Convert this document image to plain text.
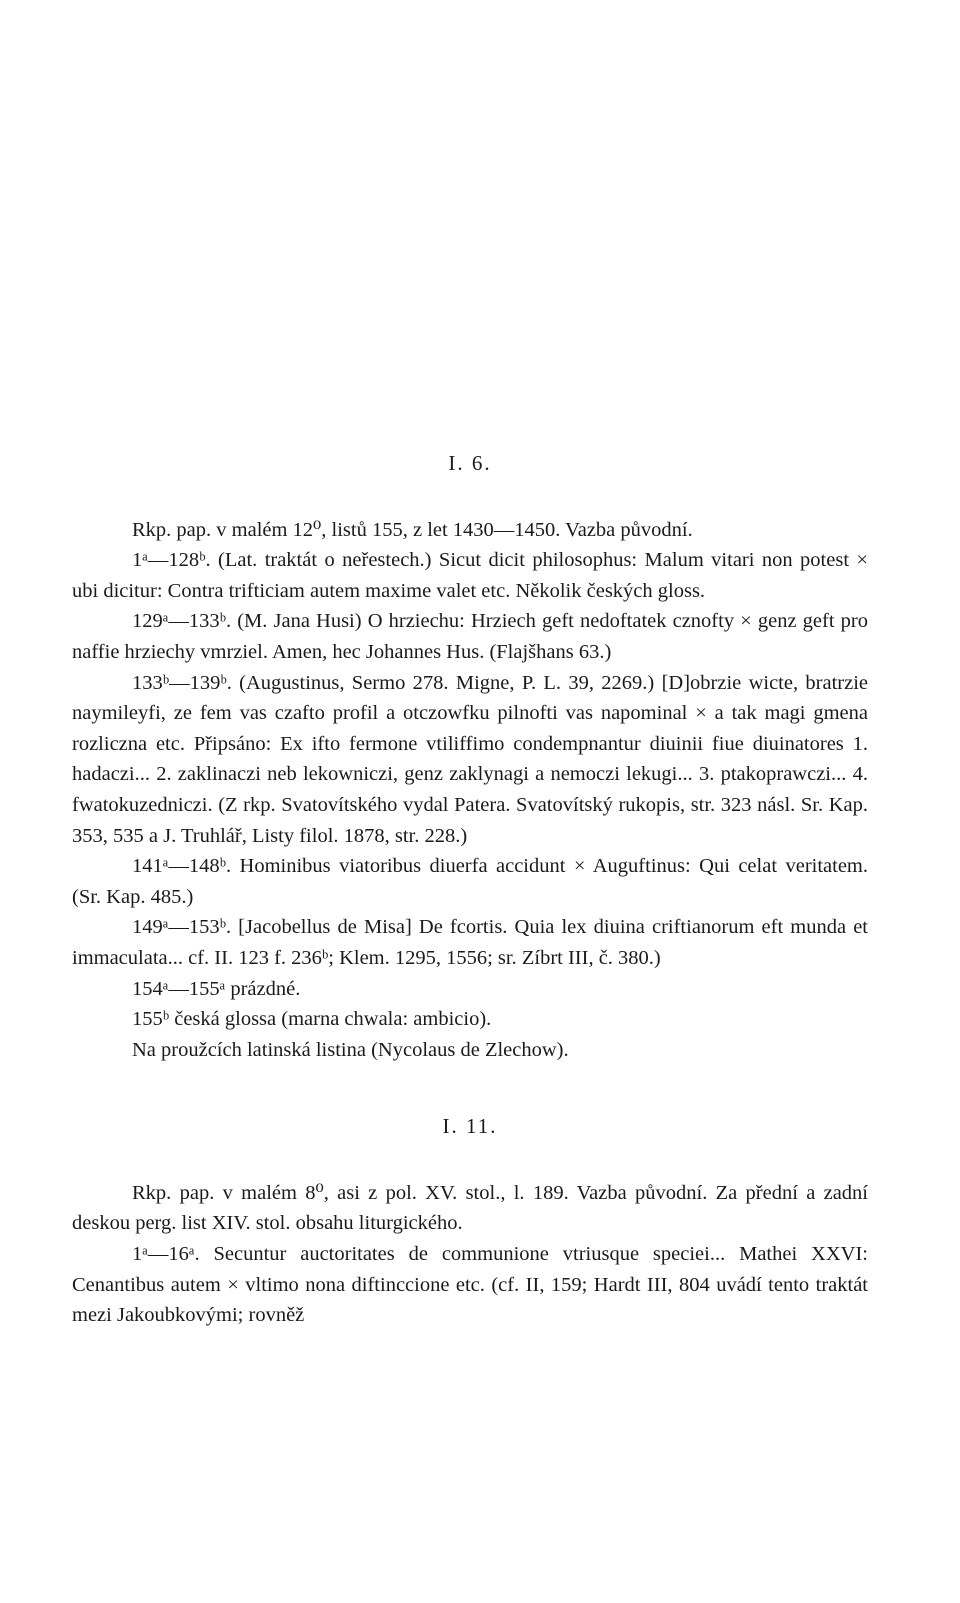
I. 6.

Rkp. pap. v malém 12⁰, listů 155, z let 1430—1450. Vazba původní.

1ᵃ—128ᵇ. (Lat. traktát o neřestech.) Sicut dicit philosophus: Malum vitari non potest × ubi dicitur: Contra trifticiam autem maxime valet etc. Několik českých gloss.

129ᵃ—133ᵇ. (M. Jana Husi) O hrziechu: Hrziech geft nedoftatek cznofty × genz geft pro naffie hrziechy vmrziel. Amen, hec Johannes Hus. (Flajšhans 63.)

133ᵇ—139ᵇ. (Augustinus, Sermo 278. Migne, P. L. 39, 2269.) [D]obrzie wicte, bratrzie naymileyfi, ze fem vas czafto profil a otczowfku pilnofti vas napominal × a tak magi gmena rozliczna etc. Připsáno: Ex ifto fermone vtiliffimo condempnantur diuinii fiue diuinatores 1. hadaczi... 2. zaklinaczi neb lekowniczi, genz zaklynagi a nemoczi lekugi... 3. ptakoprawczi... 4. fwatokuzedniczi. (Z rkp. Svatovítského vydal Patera. Svatovítský rukopis, str. 323 násl. Sr. Kap. 353, 535 a J. Truhlář, Listy filol. 1878, str. 228.)

141ᵃ—148ᵇ. Hominibus viatoribus diuerfa accidunt × Auguftinus: Qui celat veritatem. (Sr. Kap. 485.)

149ᵃ—153ᵇ. [Jacobellus de Misa] De fcortis. Quia lex diuina criftianorum eft munda et immaculata... cf. II. 123 f. 236ᵇ; Klem. 1295, 1556; sr. Zíbrt III, č. 380.)

154ᵃ—155ᵃ prázdné.

155ᵇ česká glossa (marna chwala: ambicio).

Na proužcích latinská listina (Nycolaus de Zlechow).

I. 11.

Rkp. pap. v malém 8⁰, asi z pol. XV. stol., l. 189. Vazba původní. Za přední a zadní deskou perg. list XIV. stol. obsahu liturgického.

1ᵃ—16ᵃ. Secuntur auctoritates de communione vtriusque speciei... Mathei XXVI: Cenantibus autem × vltimo nona diftinccione etc. (cf. II, 159; Hardt III, 804 uvádí tento traktát mezi Jakoubkovými; rovněž
